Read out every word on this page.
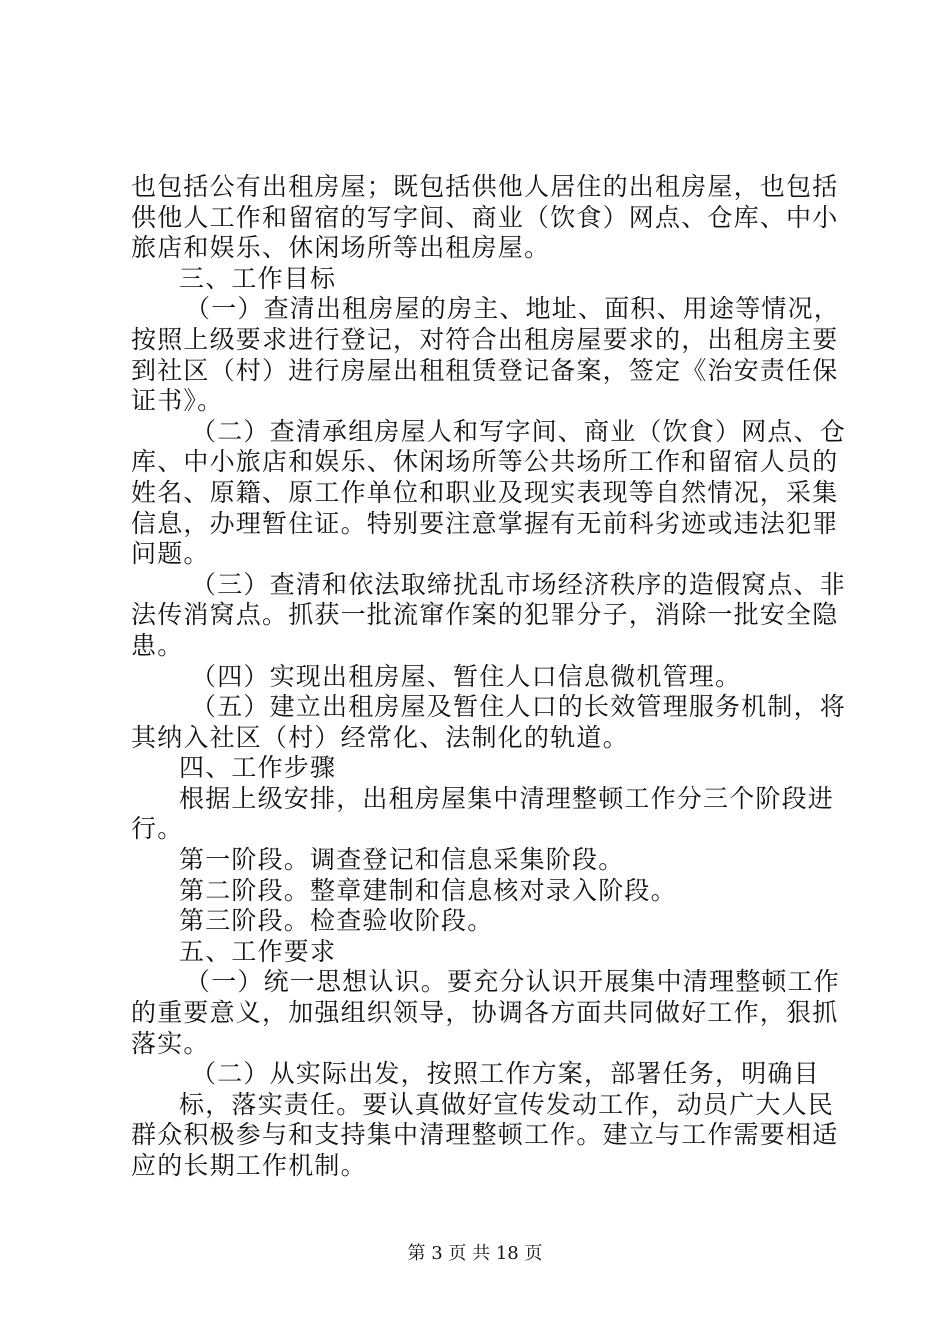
也包括公有出租房屋；既包括供他人居住的出租房屋，也包括
供他人工作和留宿的写字间、商业（饮食）网点、仓库、中小
旅店和娱乐、休闲场所等出租房屋。
三、工作目标
（一）查清出租房屋的房主、地址、面积、用途等情况，
按照上级要求进行登记，对符合出租房屋要求的，出租房主要
到社区（村）进行房屋出租租赁登记备案，签定《治安责任保
证书》。
（二）查清承组房屋人和写字间、商业（饮食）网点、仓
库、中小旅店和娱乐、休闲场所等公共场所工作和留宿人员的
姓名、原籍、原工作单位和职业及现实表现等自然情况，采集
信息，办理暂住证。特别要注意掌握有无前科劣迹或违法犯罪
问题。
（三）查清和依法取缔扰乱市场经济秩序的造假窝点、非
法传消窝点。抓获一批流窜作案的犯罪分子，消除一批安全隐
患。
（四）实现出租房屋、暂住人口信息微机管理。
（五）建立出租房屋及暂住人口的长效管理服务机制，将
其纳入社区（村）经常化、法制化的轨道。
四、工作步骤
根据上级安排，出租房屋集中清理整顿工作分三个阶段进
行。
第一阶段。调查登记和信息采集阶段。
第二阶段。整章建制和信息核对录入阶段。
第三阶段。检查验收阶段。
五、工作要求
（一）统一思想认识。要充分认识开展集中清理整顿工作
的重要意义，加强组织领导，协调各方面共同做好工作，狠抓
落实。
（二）从实际出发，按照工作方案，部署任务，明确目
标，落实责任。要认真做好宣传发动工作，动员广大人民
群众积极参与和支持集中清理整顿工作。建立与工作需要相适
应的长期工作机制。
第 3 页 共 18 页
